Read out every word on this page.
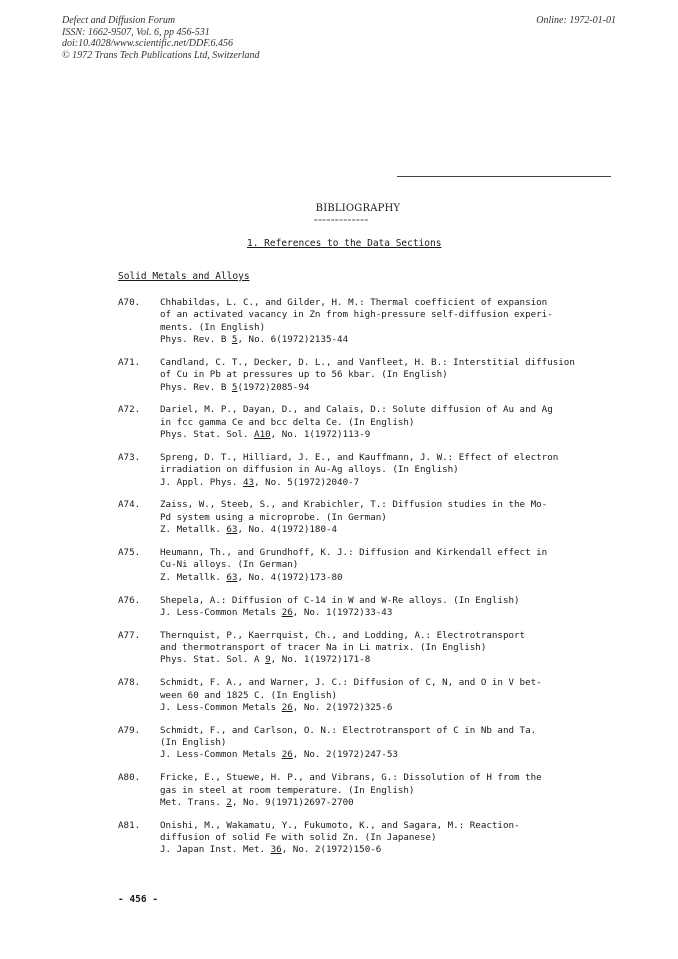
Defect and Diffusion Forum
ISSN: 1662-9507, Vol. 6, pp 456-531
doi:10.4028/www.scientific.net/DDF.6.456
© 1972 Trans Tech Publications Ltd, Switzerland
Online: 1972-01-01
BIBLIOGRAPHY
=============
1. References to the Data Sections
Solid Metals and Alloys
A70.	Chhabildas, L. C., and Gilder, H. M.: Thermal coefficient of expansion
of an activated vacancy in Zn from high-pressure self-diffusion experi-
ments. (In English)
Phys. Rev. B 5, No. 6(1972)2135-44
A71.	Candland, C. T., Decker, D. L., and Vanfleet, H. B.: Interstitial diffusion
of Cu in Pb at pressures up to 56 kbar. (In English)
Phys. Rev. B 5(1972)2085-94
A72.	Dariel, M. P., Dayan, D., and Calais, D.: Solute diffusion of Au and Ag
in fcc gamma Ce and bcc delta Ce. (In English)
Phys. Stat. Sol. A10, No. 1(1972)113-9
A73.	Spreng, D. T., Hilliard, J. E., and Kauffmann, J. W.: Effect of electron
irradiation on diffusion in Au-Ag alloys. (In English)
J. Appl. Phys. 43, No. 5(1972)2040-7
A74.	Zaiss, W., Steeb, S., and Krabichler, T.: Diffusion studies in the Mo-
Pd system using a microprobe. (In German)
Z. Metallk. 63, No. 4(1972)180-4
A75.	Heumann, Th., and Grundhoff, K. J.: Diffusion and Kirkendall effect in
Cu-Ni alloys. (In German)
Z. Metallk. 63, No. 4(1972)173-80
A76.	Shepela, A.: Diffusion of C-14 in W and W-Re alloys. (In English)
J. Less-Common Metals 26, No. 1(1972)33-43
A77.	Thernquist, P., Kaerrquist, Ch., and Lodding, A.: Electrotransport
and thermotransport of tracer Na in Li matrix. (In English)
Phys. Stat. Sol. A 9, No. 1(1972)171-8
A78.	Schmidt, F. A., and Warner, J. C.: Diffusion of C, N, and O in V bet-
ween 60 and 1825 C. (In English)
J. Less-Common Metals 26, No. 2(1972)325-6
A79.	Schmidt, F., and Carlson, O. N.: Electrotransport of C in Nb and Ta.
(In English)
J. Less-Common Metals 26, No. 2(1972)247-53
A80.	Fricke, E., Stuewe, H. P., and Vibrans, G.: Dissolution of H from the
gas in steel at room temperature. (In English)
Met. Trans. 2, No. 9(1971)2697-2700
A81.	Onishi, M., Wakamatu, Y., Fukumoto, K., and Sagara, M.: Reaction-
diffusion of solid Fe with solid Zn. (In Japanese)
J. Japan Inst. Met. 36, No. 2(1972)150-6
- 456 -
